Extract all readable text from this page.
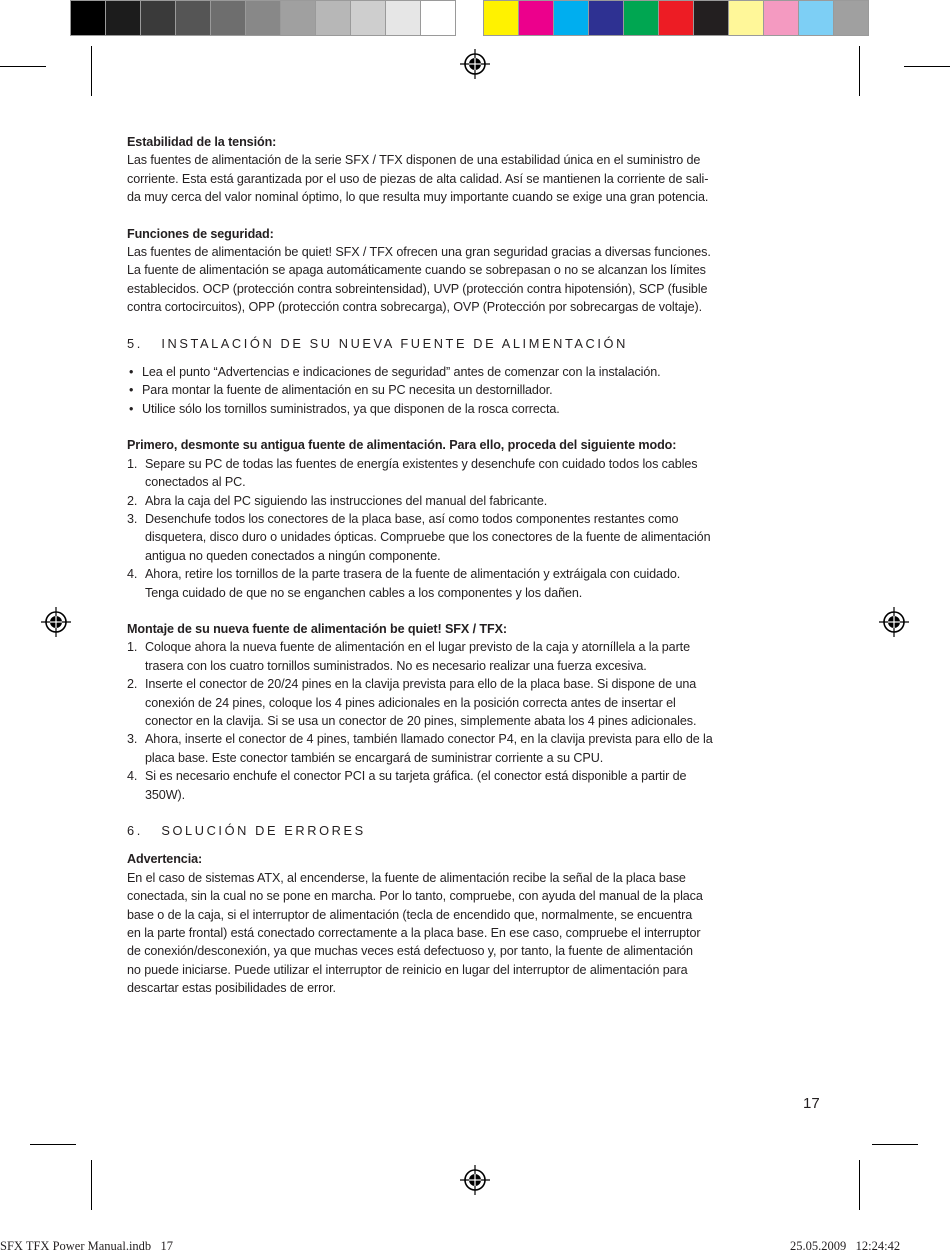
Estabilidad de la tensión:

Las fuentes de alimentación de la serie SFX / TFX disponen de una estabilidad única en el suministro de

corriente. Esta está garantizada por el uso de piezas de alta calidad. Así se mantienen la corriente de sali-

da muy cerca del valor nominal óptimo, lo que resulta muy importante cuando se exige una gran potencia.

Funciones de seguridad:

Las fuentes de alimentación be quiet! SFX / TFX ofrecen una gran seguridad gracias a diversas funciones.

La fuente de alimentación se apaga automáticamente cuando se sobrepasan o no se alcanzan los límites

establecidos. OCP (protección contra sobreintensidad), UVP (protección contra hipotensión), SCP (fusible

contra cortocircuitos), OPP (protección contra sobrecarga), OVP (Protección por sobrecargas de voltaje).

5.   INSTALACIÓN DE SU NUEVA FUENTE DE ALIMENTACIÓN

• Lea el punto “Advertencias e indicaciones de seguridad” antes de comenzar con la instalación.
• Para montar la fuente de alimentación en su PC necesita un destornillador.
• Utilice sólo los tornillos suministrados, ya que disponen de la rosca correcta.

Primero, desmonte su antigua fuente de alimentación. Para ello, proceda del siguiente modo:

1. Separe su PC de todas las fuentes de energía existentes y desenchufe con cuidado todos los cables
conectados al PC.
2. Abra la caja del PC siguiendo las instrucciones del manual del fabricante.
3. Desenchufe todos los conectores de la placa base, así como todos componentes restantes como
disquetera, disco duro o unidades ópticas. Compruebe que los conectores de la fuente de alimentación
antigua no queden conectados a ningún componente.
4. Ahora, retire los tornillos de la parte trasera de la fuente de alimentación y extráigala con cuidado.
Tenga cuidado de que no se enganchen cables a los componentes y los dañen.

Montaje de su nueva fuente de alimentación be quiet! SFX / TFX:

1. Coloque ahora la nueva fuente de alimentación en el lugar previsto de la caja y atorníllela a la parte
trasera con los cuatro tornillos suministrados. No es necesario realizar una fuerza excesiva.
2. Inserte el conector de 20/24 pines en la clavija prevista para ello de la placa base. Si dispone de una
conexión de 24 pines, coloque los 4 pines adicionales en la posición correcta antes de insertar el
conector en la clavija. Si se usa un conector de 20 pines, simplemente abata los 4 pines adicionales.
3. Ahora, inserte el conector de 4 pines, también llamado conector P4, en la clavija prevista para ello de la
placa base. Este conector también se encargará de suministrar corriente a su CPU.
4. Si es necesario enchufe el conector PCI a su tarjeta gráfica. (el conector está disponible a partir de
350W).

6.   SOLUCIÓN DE ERRORES

Advertencia:

En el caso de sistemas ATX, al encenderse, la fuente de alimentación recibe la señal de la placa base

conectada, sin la cual no se pone en marcha. Por lo tanto, compruebe, con ayuda del manual de la placa

base o de la caja, si el interruptor de alimentación (tecla de encendido que, normalmente, se encuentra

en la parte frontal) está conectado correctamente a la placa base. En ese caso, compruebe el interruptor

de conexión/desconexión, ya que muchas veces está defectuoso y, por tanto, la fuente de alimentación

no puede iniciarse. Puede utilizar el interruptor de reinicio en lugar del interruptor de alimentación para

descartar estas posibilidades de error.

17
SFX TFX Power Manual.indb   17	25.05.2009   12:24:42
